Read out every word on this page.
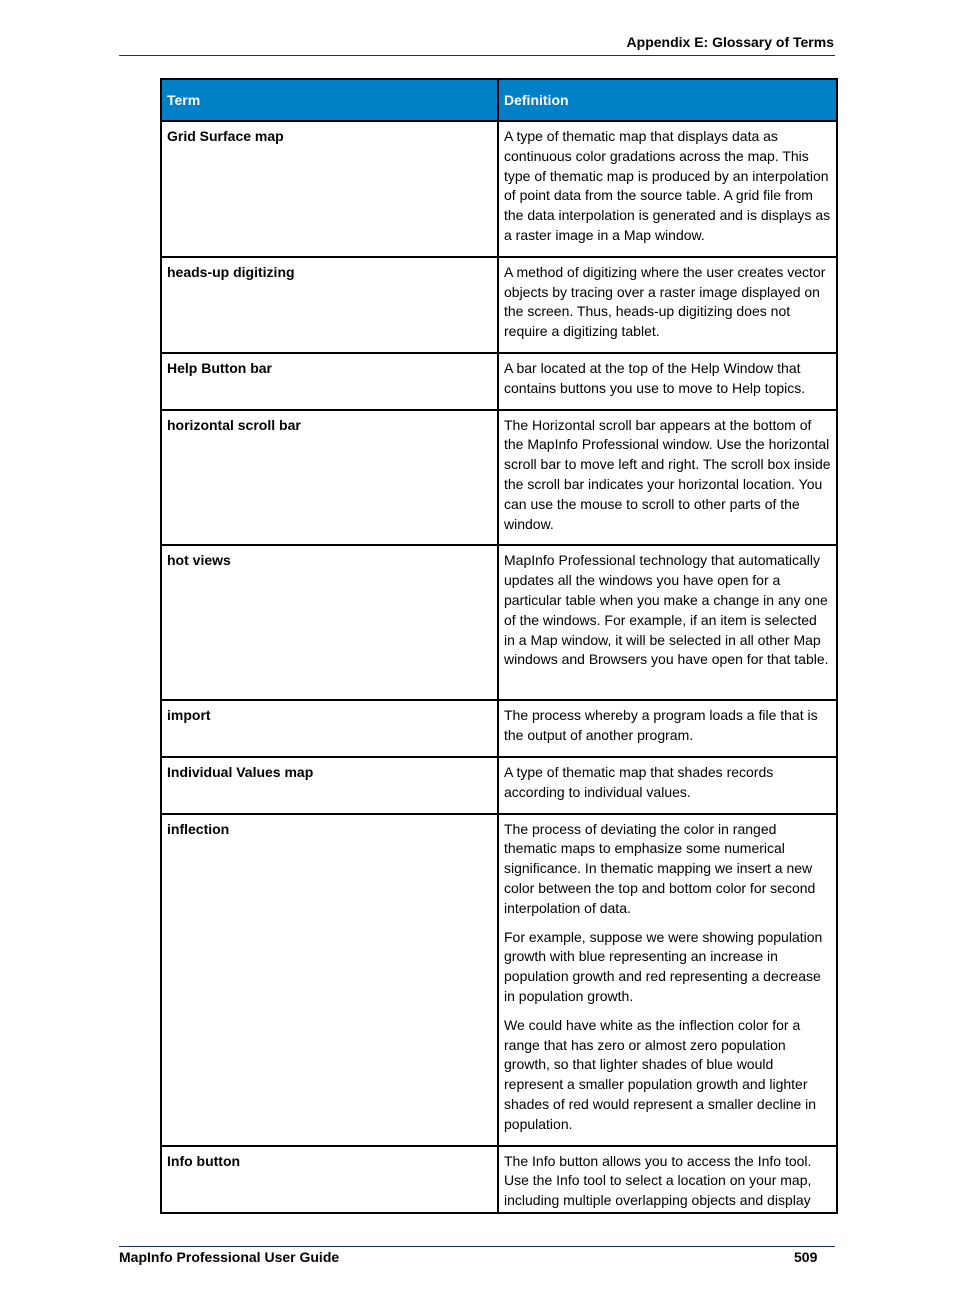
Appendix E: Glossary of Terms
Term	Definition
Grid Surface map	A type of thematic map that displays data as continuous color gradations across the map. This type of thematic map is produced by an interpolation of point data from the source table. A grid file from the data interpolation is generated and is displays as a raster image in a Map window.

heads-up digitizing	A method of digitizing where the user creates vector objects by tracing over a raster image displayed on the screen. Thus, heads-up digitizing does not require a digitizing tablet.

Help Button bar	A bar located at the top of the Help Window that contains buttons you use to move to Help topics.

horizontal scroll bar	The Horizontal scroll bar appears at the bottom of the MapInfo Professional window. Use the horizontal scroll bar to move left and right. The scroll box inside the scroll bar indicates your horizontal location. You can use the mouse to scroll to other parts of the window.

hot views	MapInfo Professional technology that automatically updates all the windows you have open for a particular table when you make a change in any one of the windows. For example, if an item is selected in a Map window, it will be selected in all other Map windows and Browsers you have open for that table.

import	The process whereby a program loads a file that is the output of another program.

Individual Values map	A type of thematic map that shades records according to individual values.

inflection	The process of deviating the color in ranged thematic maps to emphasize some numerical significance. In thematic mapping we insert a new color between the top and bottom color for second interpolation of data.

For example, suppose we were showing population growth with blue representing an increase in population growth and red representing a decrease in population growth.

We could have white as the inflection color for a range that has zero or almost zero population growth, so that lighter shades of blue would represent a smaller population growth and lighter shades of red would represent a smaller decline in population.

Info button	The Info button allows you to access the Info tool. Use the Info tool to select a location on your map, including multiple overlapping objects and display

MapInfo Professional User Guide	509
